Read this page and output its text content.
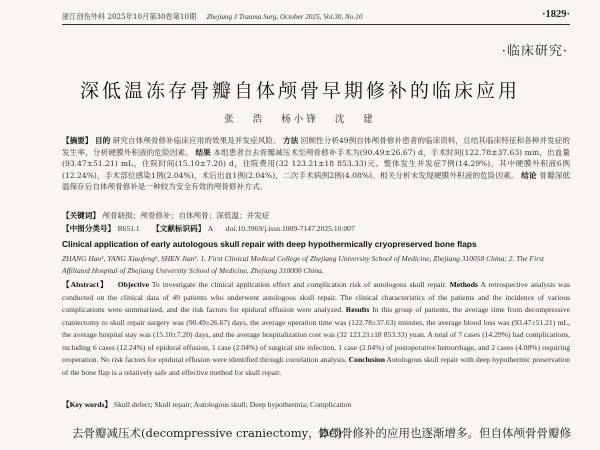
浙江创伤外科 2025年10月第30卷第10期 Zhejiang J Trauma Surg, October 2025, Vol.30, No.10	·1829·
·临床研究·
深低温冻存骨瓣自体颅骨早期修补的临床应用
张 浩 杨小锋 沈 建
【摘要】 目的 研究自体颅骨修补临床应用的效果及并发症风险。 方法 回顾性分析49例自体颅骨修补患者的临床资料，总结其临床特征和各种并发症的发生率，分析硬膜外积液的危险因素。 结果 本组患者自去骨瓣减压术至颅骨修补手术为(90.49±26.67) d，手术时间(122.78±37.63) min，出血量(93.47±51.21) mL，住院时间(15.10±7.20) d，住院费用(32 123.21±18 853.33)元。整体发生并发症7例(14.29%)，其中硬膜外积液6例(12.24%)，手术部位感染1例(2.04%)，术后出血1例(2.04%)，二次手术病例2例(4.08%)。相关分析未发现硬膜外积液的危险因素。 结论 骨瓣深低温保存后自体颅骨修补是一种较为安全有效的颅骨修补方式。
【关键词】 颅骨缺损；颅骨修补；自体颅骨；深低温；并发症
【中图分类号】 R651.1 【文献标识码】 A doi:10.3969/j.issn.1009-7147.2025.10.007
Clinical application of early autologous skull repair with deep hypothermically cryopreserved bone flaps
ZHANG Hao¹, YANG Xiaofeng², SHEN Jian¹. 1. First Clinical Medical College of Zhejiang University School of Medicine, Zhejiang 310058 China; 2. The First Affiliated Hospital of Zhejiang University School of Medicine, Zhejiang 310000 China.
【Abstract】 Objective To investigate the clinical application effect and complication risk of autologous skull repair. Methods A retrospective analysis was conducted on the clinical data of 49 patients who underwent autologous skull repair. The clinical characteristics of the patients and the incidence of various complications were summarized, and the risk factors for epidural effusion were analyzed. Results In this group of patients, the average time from decompressive craniectomy to skull repair surgery was (90.49±26.67) days, the average operation time was (122.78±37.63) minutes, the average blood loss was (93.47±51.21) mL, the average hospital stay was (15.10±7.20) days, and the average hospitalization cost was (32 123.21±18 853.33) yuan. A total of 7 cases (14.29%) had complications, including 6 cases (12.24%) of epidural effusion, 1 case (2.04%) of surgical site infection, 1 case (2.04%) of postoperative hemorrhage, and 2 cases (4.08%) requiring reoperation. No risk factors for epidural effusion were identified through correlation analysis. Conclusion Autologous skull repair with deep hypothermic preservation of the bone flap is a relatively safe and effective method for skull repair.
【Key words】 Skull defect; Skull repair; Autologous skull; Deep hypothermia; Complication
去骨瓣减压术(decompressive craniectomy，DC)
体颅骨修补的应用也逐渐增多。但自体颅骨骨瓣修
